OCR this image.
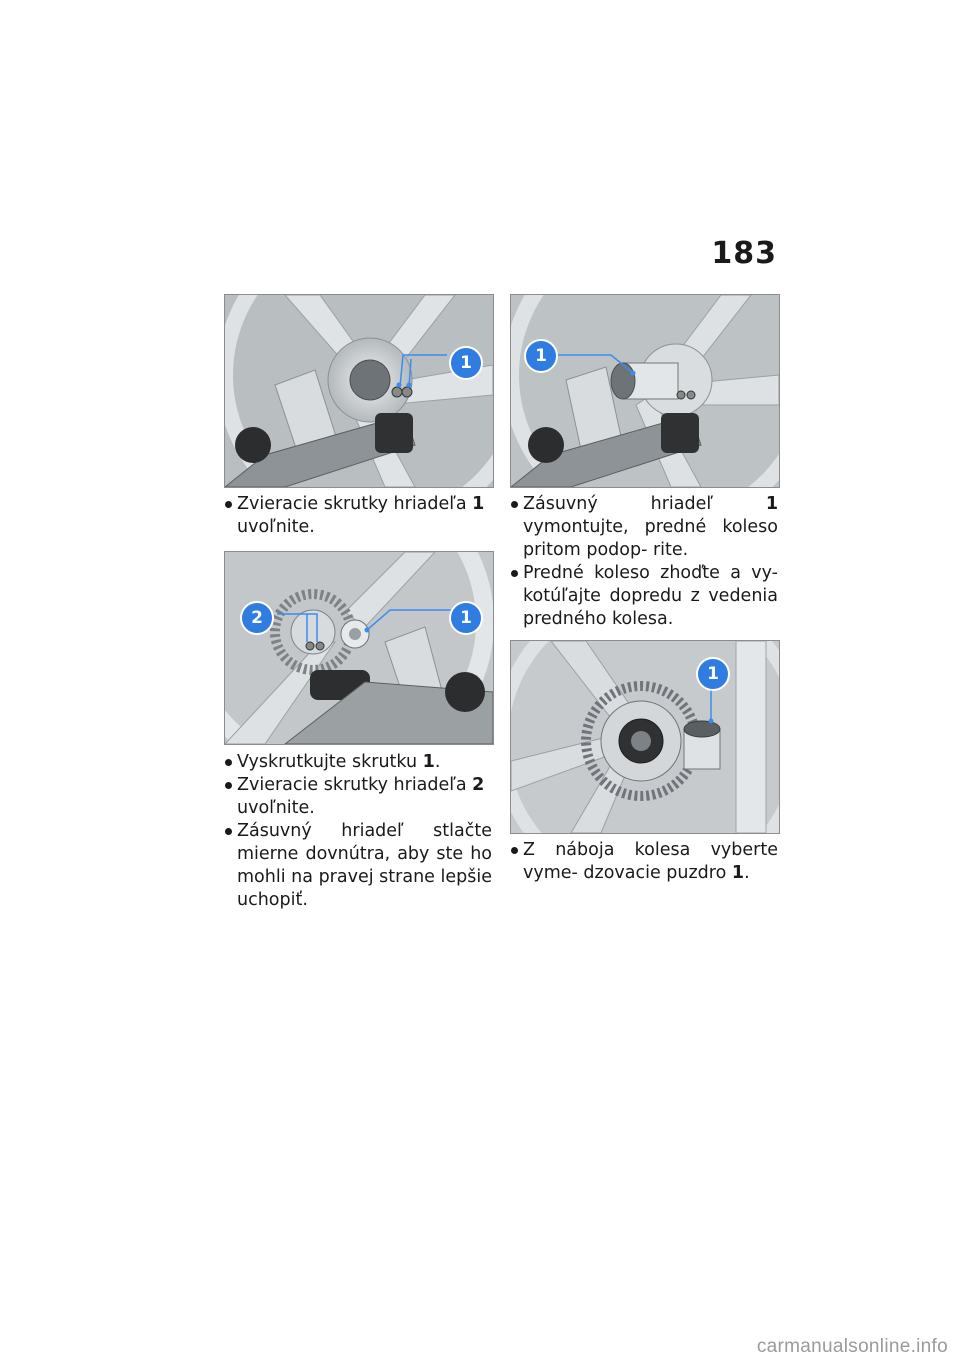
183
1

Zvieracie skrutky hriadeľa 1
uvoľnite.

2	1

Vyskrutkujte skrutku 1.

Zvieracie skrutky hriadeľa 2
uvoľnite.

Zásuvný hriadeľ stlačte mierne dovnútra, aby ste ho mohli na pravej strane lepšie uchopiť.

1

Zásuvný hriadeľ 1 vymontujte, predné koleso pritom podop- rite.

Predné koleso zhoďte a vy- kotúľajte dopredu z vedenia predného kolesa.

1

Z náboja kolesa vyberte vyme- dzovacie puzdro 1.

carmanualsonline.info
